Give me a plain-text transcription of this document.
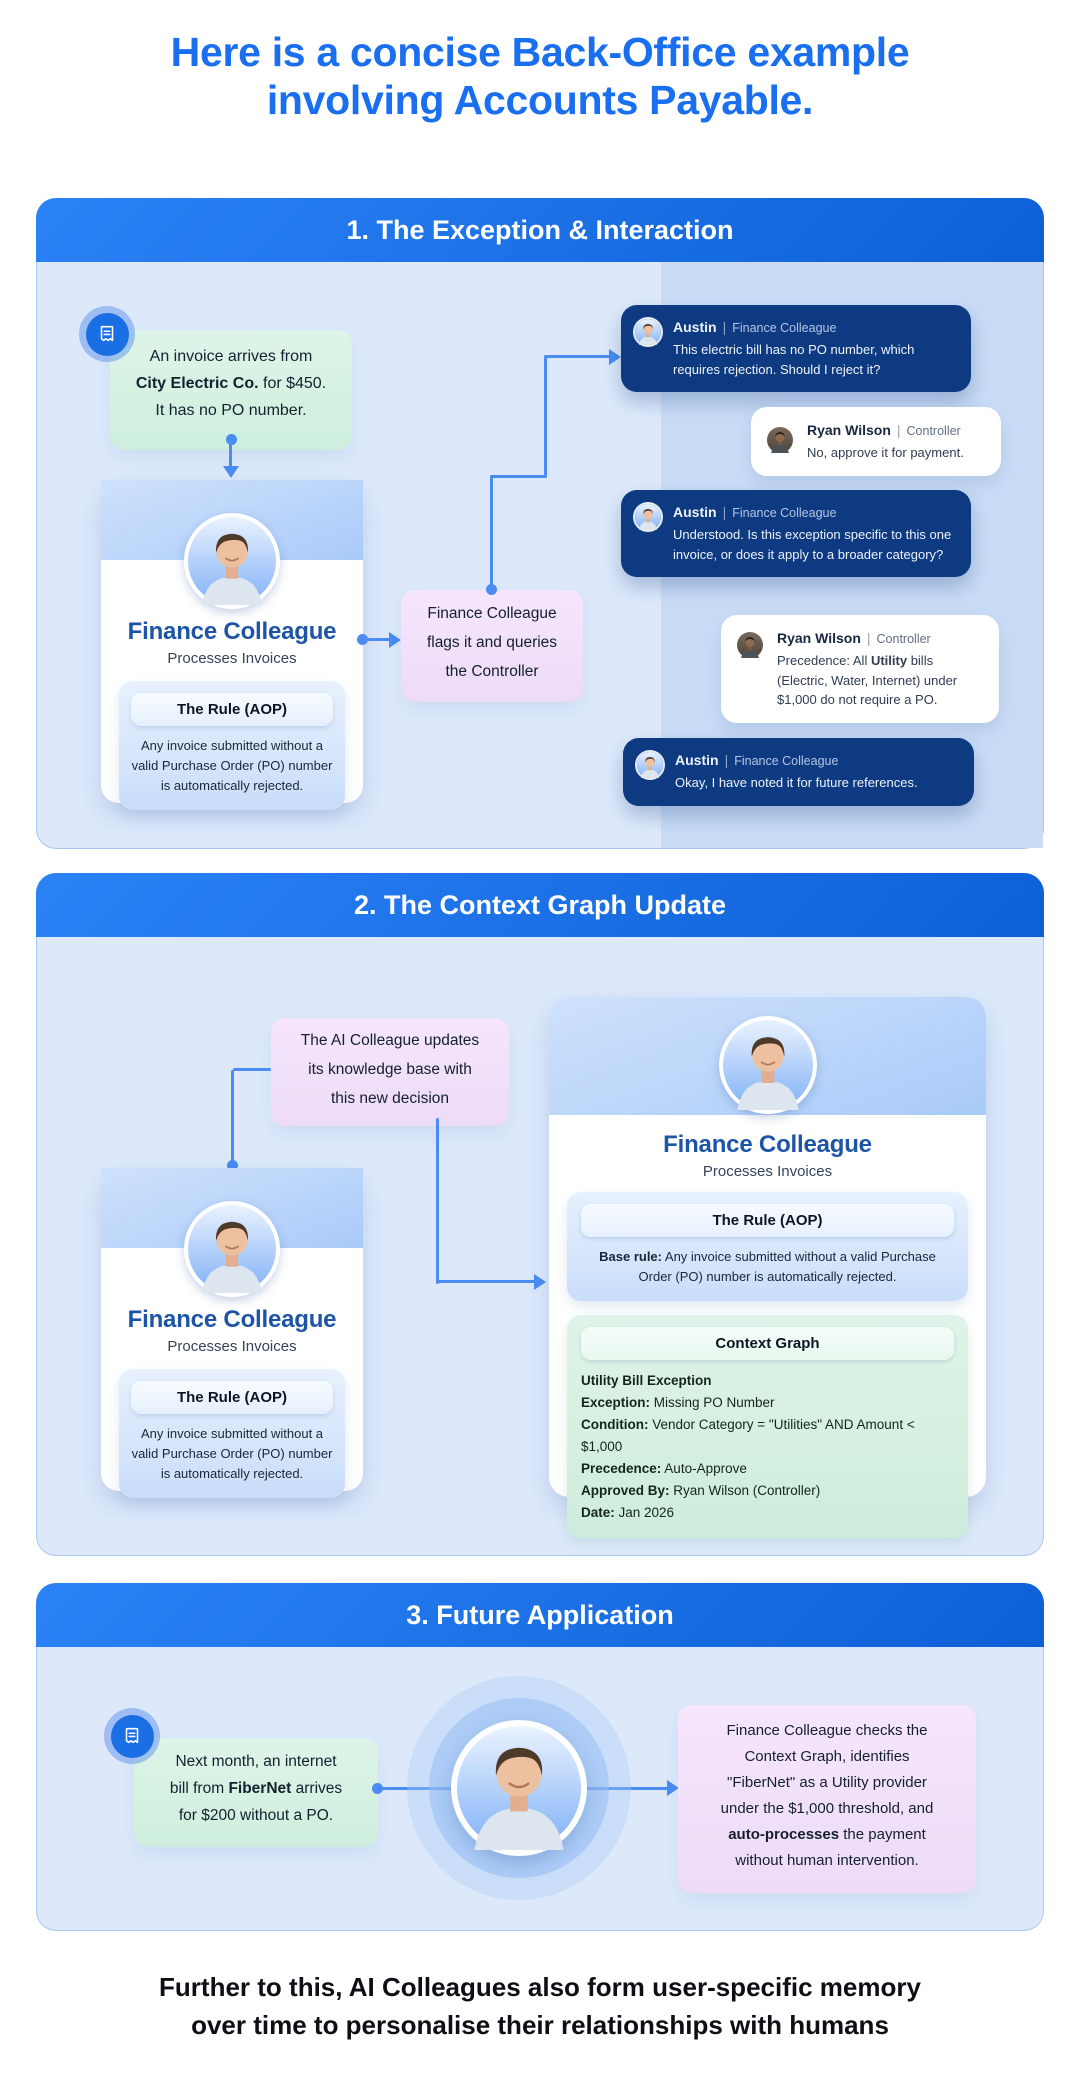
Here is a concise Back-Office example
involving Accounts Payable.
1. The Exception & Interaction
An invoice arrives from
City Electric Co. for $450.
It has no PO number.
Finance Colleague
Processes Invoices
The Rule (AOP)
Any invoice submitted without a valid Purchase Order (PO) number is automatically rejected.
Finance Colleague
flags it and queries
the Controller
Austin | Finance Colleague
This electric bill has no PO number, which requires rejection. Should I reject it?
Ryan Wilson | Controller
No, approve it for payment.
Austin | Finance Colleague
Understood. Is this exception specific to this one invoice, or does it apply to a broader category?
Ryan Wilson | Controller
Precedence: All Utility bills (Electric, Water, Internet) under $1,000 do not require a PO.
Austin | Finance Colleague
Okay, I have noted it for future references.
2. The Context Graph Update
The AI Colleague updates
its knowledge base with
this new decision
Finance Colleague
Processes Invoices
The Rule (AOP)
Any invoice submitted without a valid Purchase Order (PO) number is automatically rejected.
Finance Colleague
Processes Invoices
The Rule (AOP)
Base rule: Any invoice submitted without a valid Purchase Order (PO) number is automatically rejected.
Context Graph
Utility Bill Exception
Exception: Missing PO Number
Condition: Vendor Category = "Utilities" AND Amount < $1,000
Precedence: Auto-Approve
Approved By: Ryan Wilson (Controller)
Date: Jan 2026
3. Future Application
Next month, an internet
bill from FiberNet arrives
for $200 without a PO.
Finance Colleague checks the
Context Graph, identifies
"FiberNet" as a Utility provider
under the $1,000 threshold, and
auto-processes the payment
without human intervention.
Further to this, AI Colleagues also form user-specific memory
over time to personalise their relationships with humans
